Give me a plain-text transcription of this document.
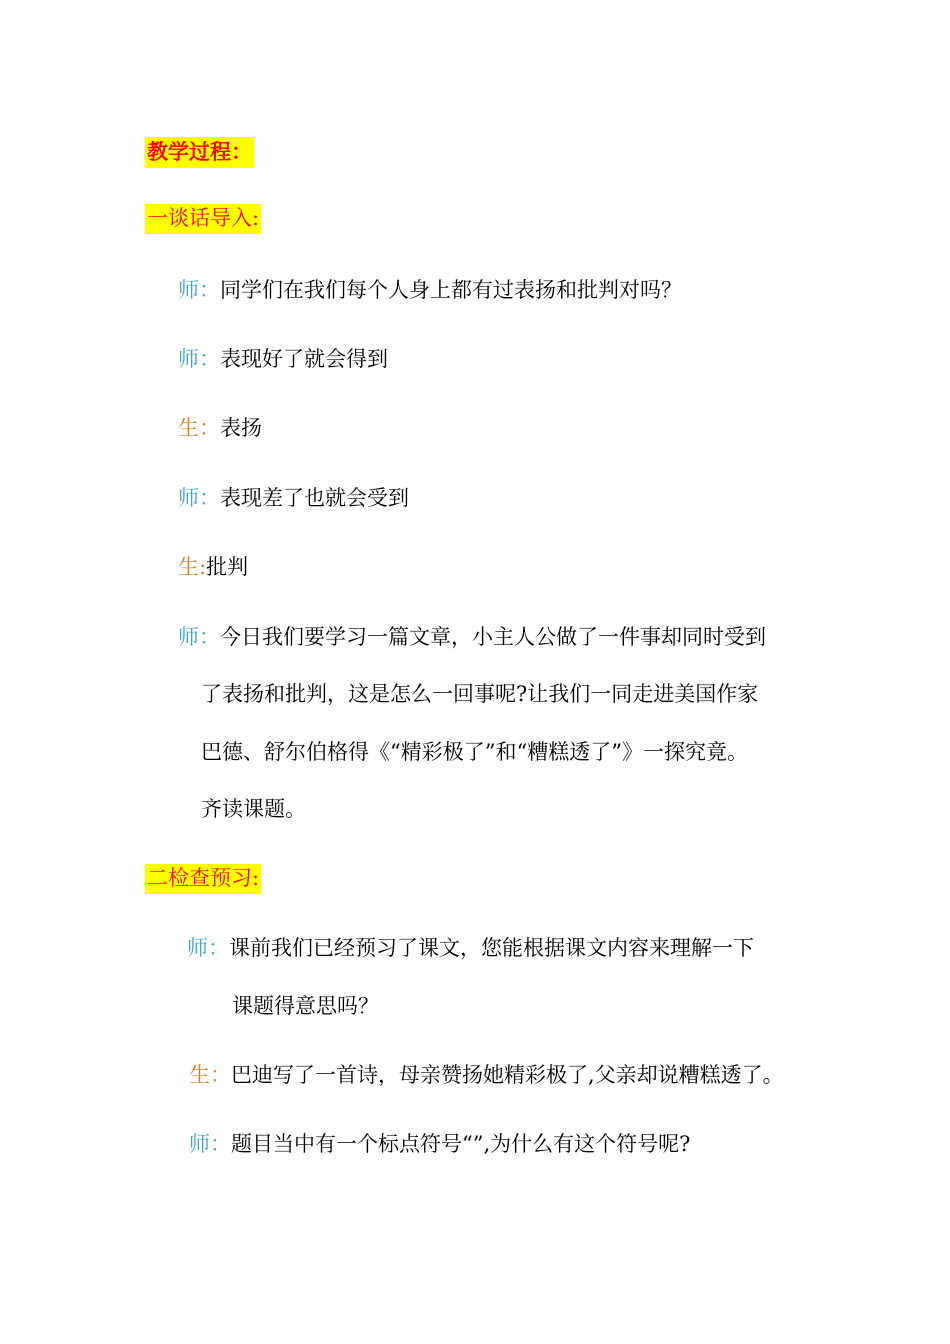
教学过程：
一谈话导入:
师：同学们在我们每个人身上都有过表扬和批判对吗？
师：表现好了就会得到
生：表扬
师：表现差了也就会受到
生:批判
师：今日我们要学习一篇文章，小主人公做了一件事却同时受到
了表扬和批判，这是怎么一回事呢?让我们一同走进美国作家
巴德、舒尔伯格得《“精彩极了”和“糟糕透了”》一探究竟。
齐读课题。
二检查预习:
师：课前我们已经预习了课文，您能根据课文内容来理解一下
课题得意思吗？
生：巴迪写了一首诗，母亲赞扬她精彩极了,父亲却说糟糕透了。
师：题目当中有一个标点符号“”,为什么有这个符号呢?
